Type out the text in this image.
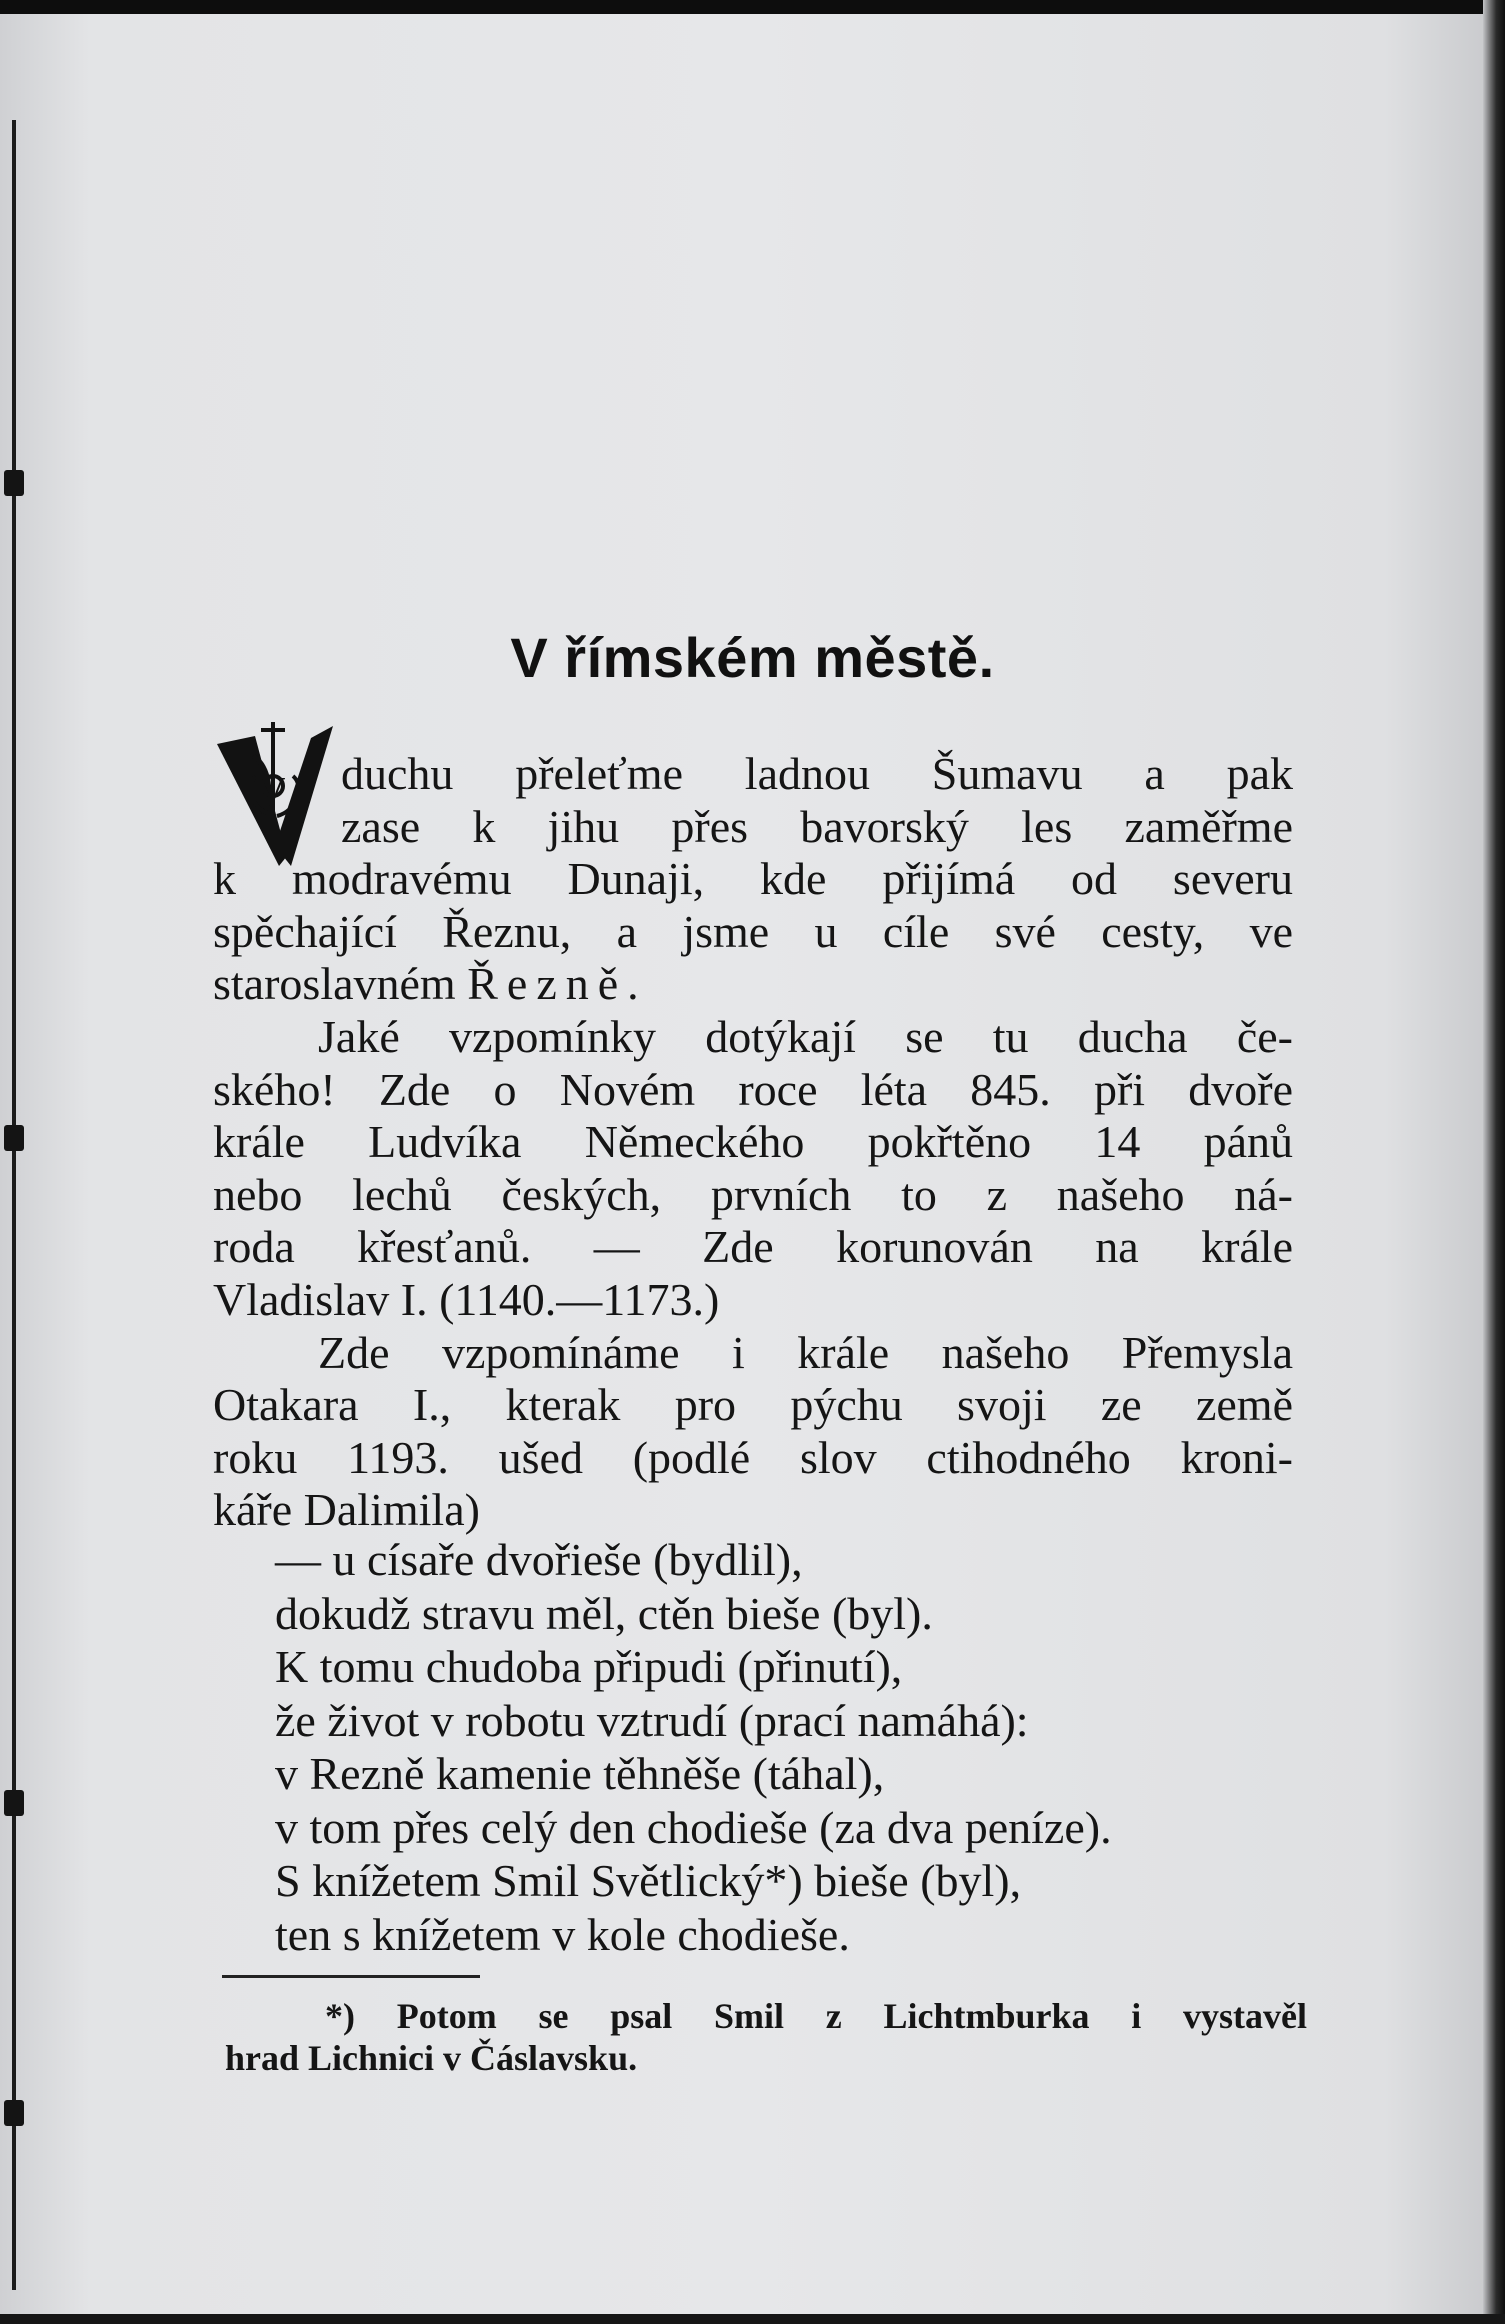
V římském městě.
V	duchu přeleťme ladnou Šumavu a pak
zase k jihu přes bavorský les zaměřme
k modravému Dunaji, kde přijímá od severu
spěchající Řeznu, a jsme u cíle své cesty, ve
staroslavném Řezně.
Jaké vzpomínky dotýkají se tu ducha če-
ského! Zde o Novém roce léta 845. při dvoře
krále Ludvíka Německého pokřtěno 14 pánů
nebo lechů českých, prvních to z našeho ná-
roda křesťanů. — Zde korunován na krále
Vladislav I. (1140.—1173.)
Zde vzpomínáme i krále našeho Přemysla
Otakara I., kterak pro pýchu svoji ze země
roku 1193. ušed (podlé slov ctihodného kroni-
káře Dalimila)
— u císaře dvořieše (bydlil),
dokudž stravu měl, ctěn bieše (byl).
K tomu chudoba připudi (přinutí),
že život v robotu vztrudí (prací namáhá):
v Rezně kamenie těhněše (táhal),
v tom přes celý den chodieše (za dva peníze).
S knížetem Smil Světlický*) bieše (byl),
ten s knížetem v kole chodieše.
*) Potom se psal Smil z Lichtmburka i vystavěl
hrad Lichnici v Čáslavsku.
